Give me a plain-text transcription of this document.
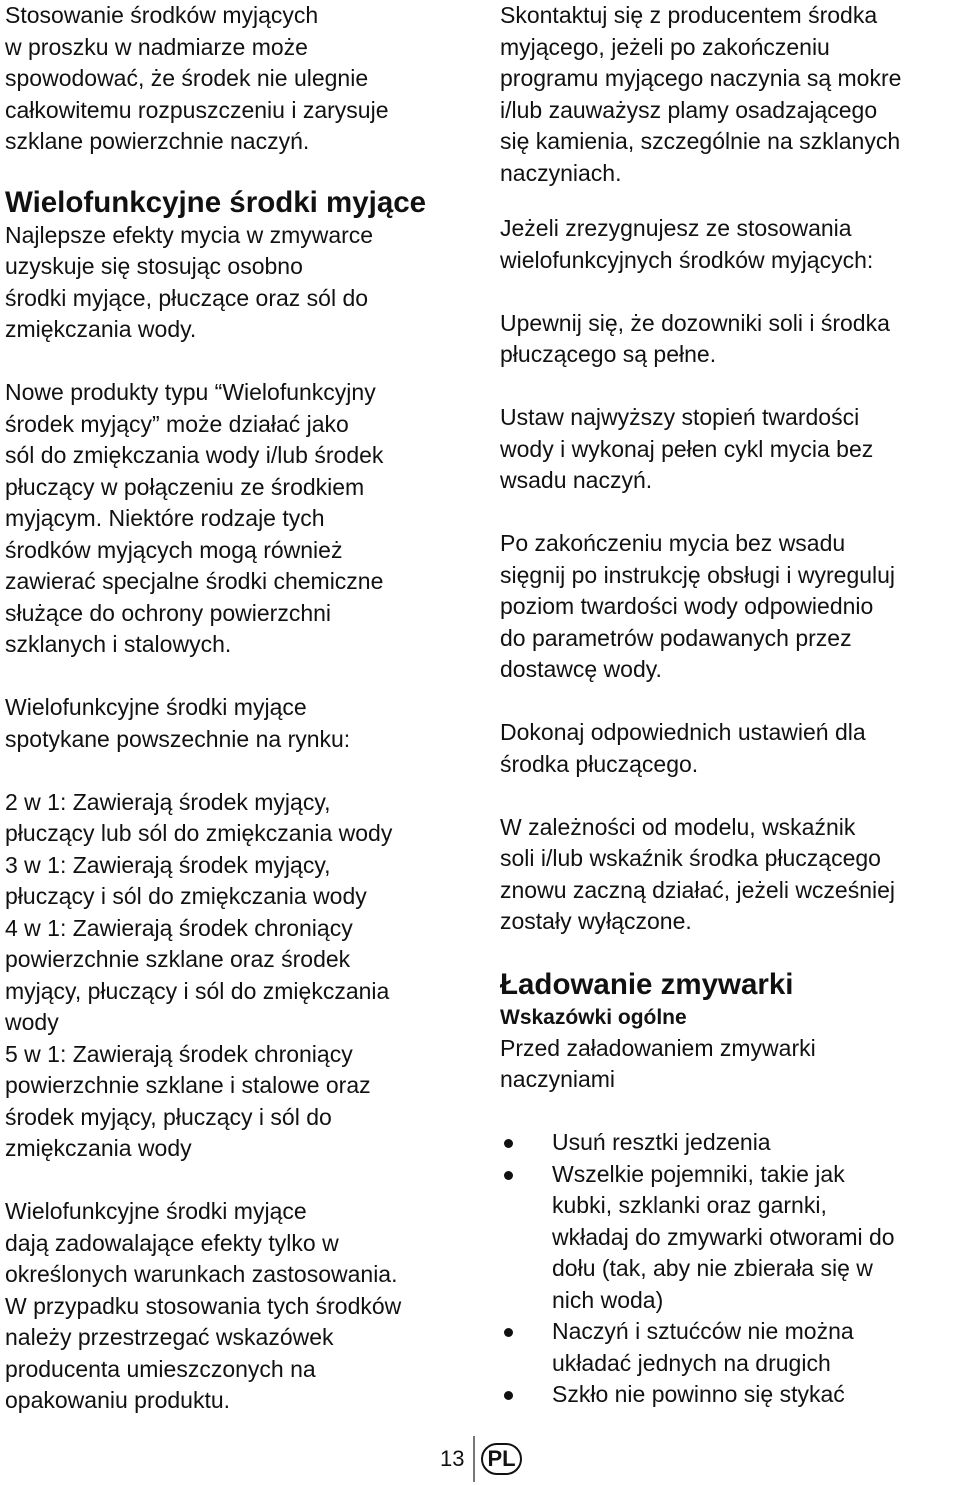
Stosowanie środków myjących
w proszku w nadmiarze może
spowodować, że środek nie ulegnie
całkowitemu rozpuszczeniu i zarysuje
szklane powierzchnie naczyń.

Wielofunkcyjne środki myjące

Najlepsze efekty mycia w zmywarce
uzyskuje się stosując osobno
środki myjące, płuczące oraz sól do
zmiękczania wody.

Nowe produkty typu “Wielofunkcyjny
środek myjący” może działać jako
sól do zmiękczania wody i/lub środek
płuczący w połączeniu ze środkiem
myjącym. Niektóre rodzaje tych
środków myjących mogą również
zawierać specjalne środki chemiczne
służące do ochrony powierzchni
szklanych i stalowych.

Wielofunkcyjne środki myjące
spotykane powszechnie na rynku:

2 w 1: Zawierają środek myjący,
płuczący lub sól do zmiękczania wody
3 w 1: Zawierają środek myjący,
płuczący i sól do zmiękczania wody
4 w 1: Zawierają środek chroniący
powierzchnie szklane oraz środek
myjący, płuczący i sól do zmiękczania
wody
5 w 1: Zawierają środek chroniący
powierzchnie szklane i stalowe oraz
środek myjący, płuczący i sól do
zmiękczania wody

Wielofunkcyjne środki myjące
dają zadowalające efekty tylko w
określonych warunkach zastosowania.
W przypadku stosowania tych środków
należy przestrzegać wskazówek
producenta umieszczonych na
opakowaniu produktu.

Skontaktuj się z producentem środka
myjącego, jeżeli po zakończeniu
programu myjącego naczynia są mokre
i/lub zauważysz plamy osadzającego
się kamienia, szczególnie na szklanych
naczyniach.

Jeżeli zrezygnujesz ze stosowania
wielofunkcyjnych środków myjących:

Upewnij się, że dozowniki soli i środka
płuczącego są pełne.

Ustaw najwyższy stopień twardości
wody i wykonaj pełen cykl mycia bez
wsadu naczyń.

Po zakończeniu mycia bez wsadu
sięgnij po instrukcję obsługi i wyreguluj
poziom twardości wody odpowiednio
do parametrów podawanych przez
dostawcę wody.

Dokonaj odpowiednich ustawień dla
środka płuczącego.

W zależności od modelu, wskaźnik
soli i/lub wskaźnik środka płuczącego
znowu zaczną działać, jeżeli wcześniej
zostały wyłączone.

Ładowanie zmywarki
Wskazówki ogólne

Przed załadowaniem zmywarki
naczyniami

Usuń resztki jedzenia
Wszelkie pojemniki, takie jak
kubki, szklanki oraz garnki,
wkładaj do zmywarki otworami do
dołu (tak, aby nie zbierała się w
nich woda)
Naczyń i sztućców nie można
układać jednych na drugich
Szkło nie powinno się stykać
13 PL
